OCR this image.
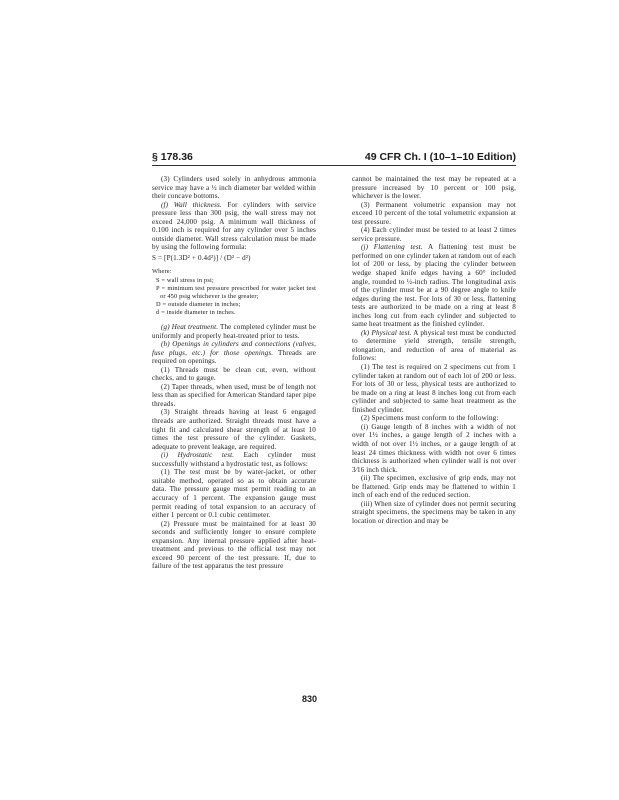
§ 178.36	49 CFR Ch. I (10–1–10 Edition)

(3) Cylinders used solely in anhydrous ammonia service may have a ½ inch diameter bar welded within their concave bottoms.

(f) Wall thickness. For cylinders with service pressure less than 300 psig, the wall stress may not exceed 24,000 psig. A minimum wall thickness of 0.100 inch is required for any cylinder over 5 inches outside diameter. Wall stress calculation must be made by using the following formula:

S = [P(1.3D² + 0.4d²)] / (D² − d²)

Where:

S = wall stress in psi;

P = minimum test pressure prescribed for water jacket test or 450 psig whichever is the greater;

D = outside diameter in inches;

d = inside diameter in inches.

(g) Heat treatment. The completed cylinder must be uniformly and properly heat-treated prior to tests.

(h) Openings in cylinders and connections (valves, fuse plugs, etc.) for those openings. Threads are required on openings.

(1) Threads must be clean cut, even, without checks, and to gauge.

(2) Taper threads, when used, must be of length not less than as specified for American Standard taper pipe threads.

(3) Straight threads having at least 6 engaged threads are authorized. Straight threads must have a tight fit and calculated shear strength of at least 10 times the test pressure of the cylinder. Gaskets, adequate to prevent leakage, are required.

(i) Hydrostatic test. Each cylinder must successfully withstand a hydrostatic test, as follows:

(1) The test must be by water-jacket, or other suitable method, operated so as to obtain accurate data. The pressure gauge must permit reading to an accuracy of 1 percent. The expansion gauge must permit reading of total expansion to an accuracy of either 1 percent or 0.1 cubic centimeter.

(2) Pressure must be maintained for at least 30 seconds and sufficiently longer to ensure complete expansion. Any internal pressure applied after heat-treatment and previous to the official test may not exceed 90 percent of the test pressure. If, due to failure of the test apparatus the test pressure

cannot be maintained the test may be repeated at a pressure increased by 10 percent or 100 psig, whichever is the lower.

(3) Permanent volumetric expansion may not exceed 10 percent of the total volumetric expansion at test pressure.

(4) Each cylinder must be tested to at least 2 times service pressure.

(j) Flattening test. A flattening test must be performed on one cylinder taken at random out of each lot of 200 or less, by placing the cylinder between wedge shaped knife edges having a 60° included angle, rounded to ½-inch radius. The longitudinal axis of the cylinder must be at a 90 degree angle to knife edges during the test. For lots of 30 or less, flattening tests are authorized to be made on a ring at least 8 inches long cut from each cylinder and subjected to same heat treatment as the finished cylinder.

(k) Physical test. A physical test must be conducted to determine yield strength, tensile strength, elongation, and reduction of area of material as follows:

(1) The test is required on 2 specimens cut from 1 cylinder taken at random out of each lot of 200 or less. For lots of 30 or less, physical tests are authorized to be made on a ring at least 8 inches long cut from each cylinder and subjected to same heat treatment as the finished cylinder.

(2) Specimens must conform to the following:

(i) Gauge length of 8 inches with a width of not over 1½ inches, a gauge length of 2 inches with a width of not over 1½ inches, or a gauge length of at least 24 times thickness with width not over 6 times thickness is authorized when cylinder wall is not over 3⁄16 inch thick.

(ii) The specimen, exclusive of grip ends, may not be flattened. Grip ends may be flattened to within 1 inch of each end of the reduced section.

(iii) When size of cylinder does not permit securing straight specimens, the specimens may be taken in any location or direction and may be

830
